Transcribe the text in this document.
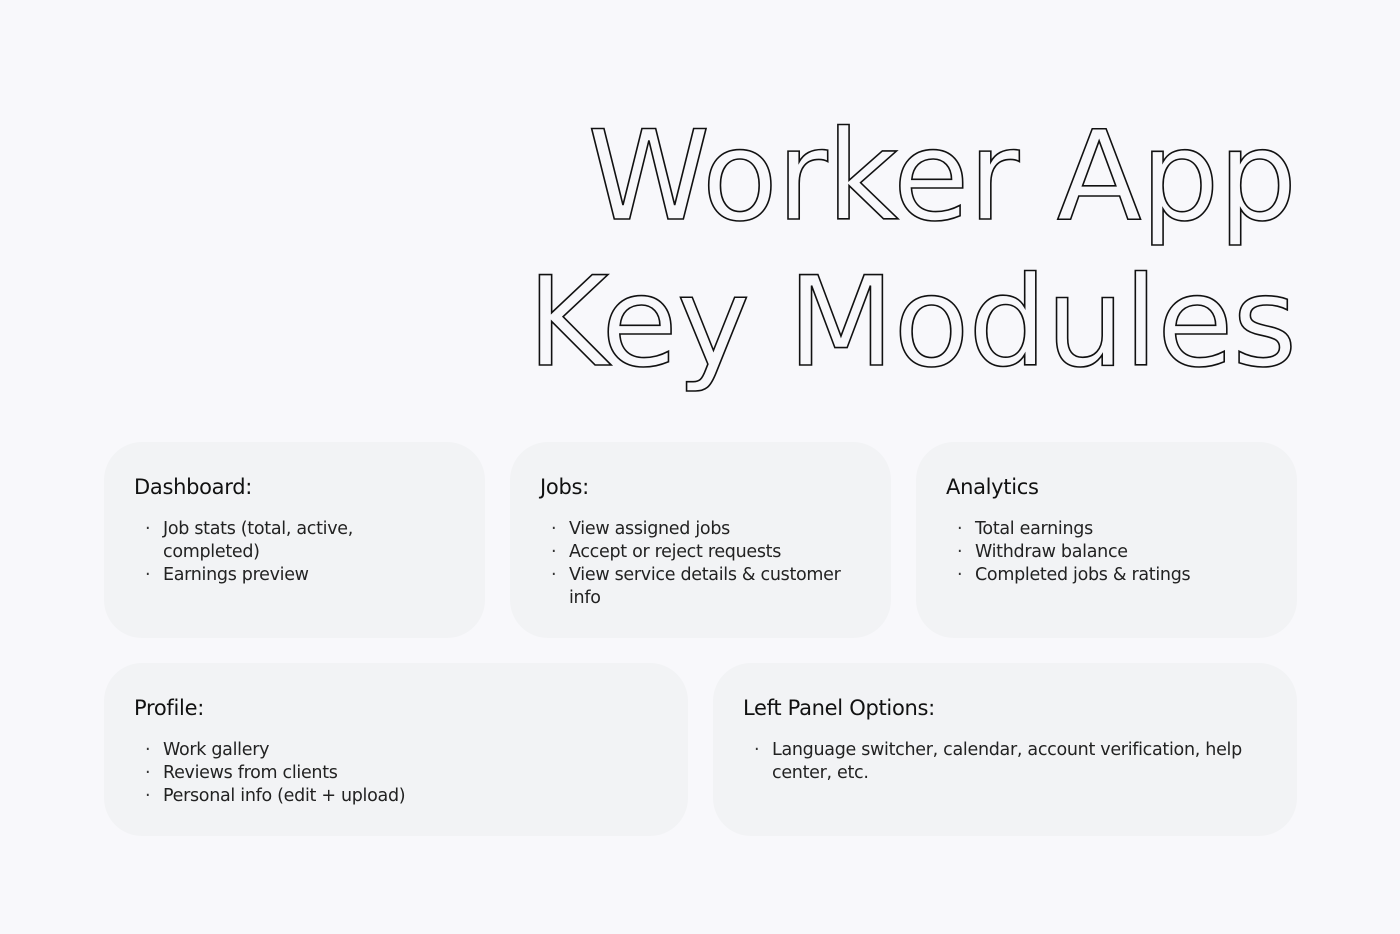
Worker App
Key Modules
Dashboard:
· Job stats (total, active, completed)
· Earnings preview
Jobs:
· View assigned jobs
· Accept or reject requests
· View service details & customer info
Analytics
· Total earnings
· Withdraw balance
· Completed jobs & ratings
Profile:
· Work gallery
· Reviews from clients
· Personal info (edit + upload)
Left Panel Options:
· Language switcher, calendar, account verification, help center, etc.
